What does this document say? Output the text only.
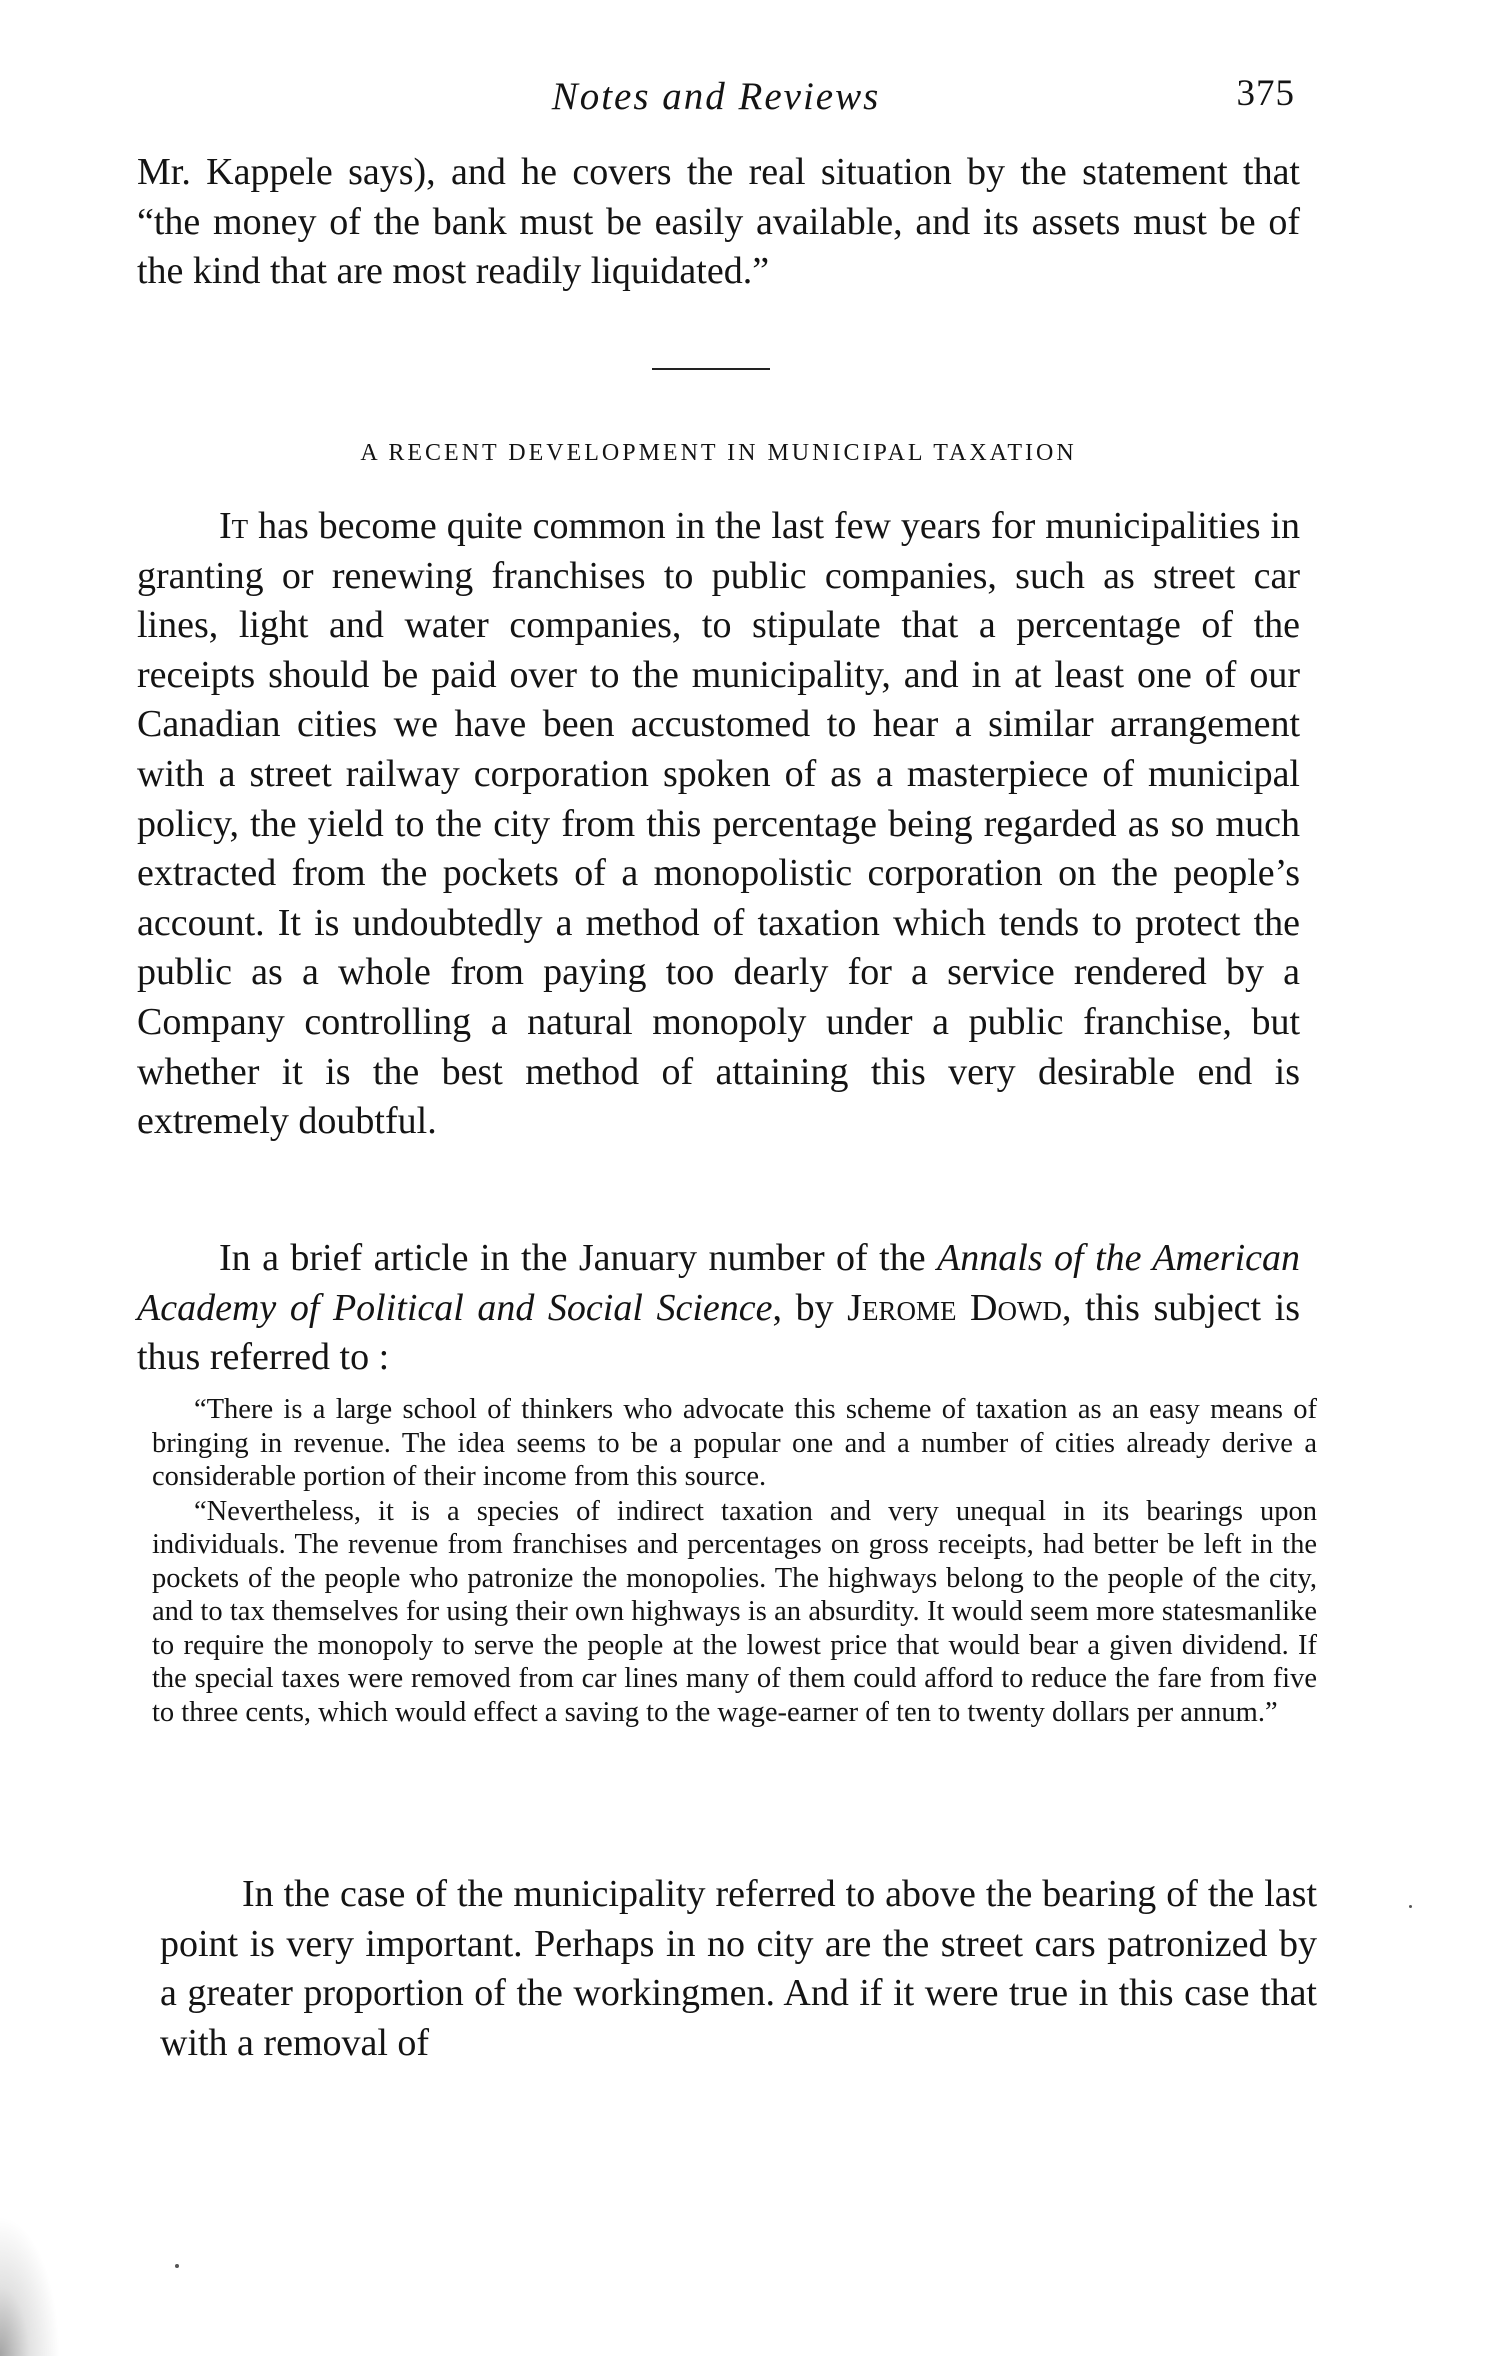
Notes and Reviews	375

Mr. Kappele says), and he covers the real situation by the statement that “the money of the bank must be easily available, and its assets must be of the kind that are most readily liquidated.”

A RECENT DEVELOPMENT IN MUNICIPAL TAXATION

It has become quite common in the last few years for municipalities in granting or renewing franchises to public companies, such as street car lines, light and water companies, to stipulate that a percentage of the receipts should be paid over to the municipality, and in at least one of our Canadian cities we have been accustomed to hear a similar arrangement with a street railway corporation spoken of as a masterpiece of municipal policy, the yield to the city from this percentage being regarded as so much extracted from the pockets of a monopolistic corporation on the people’s account. It is undoubtedly a method of taxation which tends to protect the public as a whole from paying too dearly for a service rendered by a Company controlling a natural monopoly under a public franchise, but whether it is the best method of attaining this very desirable end is extremely doubtful.

In a brief article in the January number of the Annals of the American Academy of Political and Social Science, by Jerome Dowd, this subject is thus referred to :

“There is a large school of thinkers who advocate this scheme of taxation as an easy means of bringing in revenue. The idea seems to be a popular one and a number of cities already derive a considerable portion of their income from this source.

“Nevertheless, it is a species of indirect taxation and very unequal in its bearings upon individuals. The revenue from franchises and percentages on gross receipts, had better be left in the pockets of the people who patronize the monopolies. The highways belong to the people of the city, and to tax themselves for using their own highways is an absurdity. It would seem more statesmanlike to require the monopoly to serve the people at the lowest price that would bear a given dividend. If the special taxes were removed from car lines many of them could afford to reduce the fare from five to three cents, which would effect a saving to the wage-earner of ten to twenty dollars per annum.”

In the case of the municipality referred to above the bearing of the last point is very important. Perhaps in no city are the street cars patronized by a greater proportion of the workingmen. And if it were true in this case that with a removal of
